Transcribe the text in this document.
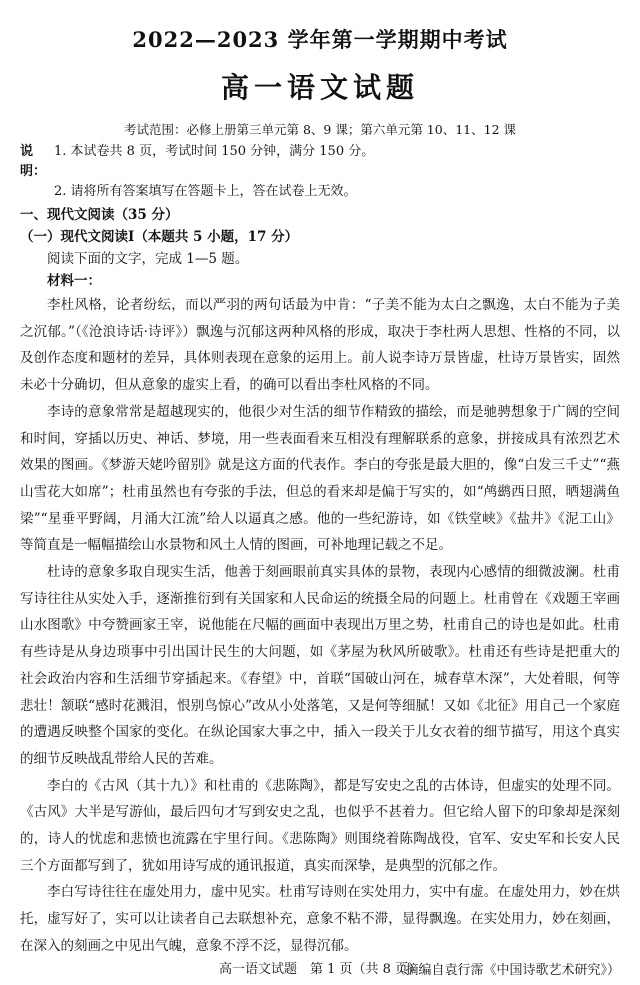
2022—2023 学年第一学期期中考试
高一语文试题
考试范围：必修上册第三单元第 8、9 课；第六单元第 10、11、12 课
说明：
1. 本试卷共 8 页，考试时间 150 分钟，满分 150 分。
2. 请将所有答案填写在答题卡上，答在试卷上无效。
一、现代文阅读（35 分）
（一）现代文阅读Ⅰ（本题共 5 小题，17 分）
阅读下面的文字，完成 1—5 题。
材料一：

李杜风格，论者纷纭，而以严羽的两句话最为中肯：“子美不能为太白之飘逸，太白不能为子美之沉郁。”（《沧浪诗话·诗评》）飘逸与沉郁这两种风格的形成，取决于李杜两人思想、性格的不同，以及创作态度和题材的差异，具体则表现在意象的运用上。前人说李诗万景皆虚，杜诗万景皆实，固然未必十分确切，但从意象的虚实上看，的确可以看出李杜风格的不同。

李诗的意象常常是超越现实的，他很少对生活的细节作精致的描绘，而是驰骋想象于广阔的空间和时间，穿插以历史、神话、梦境，用一些表面看来互相没有理解联系的意象，拼接成具有浓烈艺术效果的图画。《梦游天姥吟留别》就是这方面的代表作。李白的夸张是最大胆的，像“白发三千丈”“燕山雪花大如席”；杜甫虽然也有夸张的手法，但总的看来却是偏于写实的，如“鸬鹚西日照，晒翅满鱼梁”“星垂平野阔，月涌大江流”给人以逼真之感。他的一些纪游诗，如《铁堂峡》《盐井》《泥工山》等简直是一幅幅描绘山水景物和风土人情的图画，可补地理记载之不足。

杜诗的意象多取自现实生活，他善于刻画眼前真实具体的景物，表现内心感情的细微波澜。杜甫写诗往往从实处入手，逐渐推衍到有关国家和人民命运的统摄全局的问题上。杜甫曾在《戏题王宰画山水图歌》中夸赞画家王宰，说他能在尺幅的画面中表现出万里之势，杜甫自己的诗也是如此。杜甫有些诗是从身边琐事中引出国计民生的大问题，如《茅屋为秋风所破歌》。杜甫还有些诗是把重大的社会政治内容和生活细节穿插起来。《春望》中，首联“国破山河在，城春草木深”，大处着眼，何等悲壮！颔联“感时花溅泪，恨别鸟惊心”改从小处落笔，又是何等细腻！又如《北征》用自己一个家庭的遭遇反映整个国家的变化。在纵论国家大事之中，插入一段关于儿女衣着的细节描写，用这个真实的细节反映战乱带给人民的苦难。

李白的《古风（其十九）》和杜甫的《悲陈陶》，都是写安史之乱的古体诗，但虚实的处理不同。《古风》大半是写游仙，最后四句才写到安史之乱，也似乎不甚着力。但它给人留下的印象却是深刻的，诗人的忧虑和悲愤也流露在宇里行间。《悲陈陶》则围绕着陈陶战役，官军、安史军和长安人民三个方面都写到了，犹如用诗写成的通讯报道，真实而深挚，是典型的沉郁之作。

李白写诗往往在虚处用力，虚中见实。杜甫写诗则在实处用力，实中有虚。在虚处用力，妙在烘托，虚写好了，实可以让读者自己去联想补充，意象不粘不滞，显得飘逸。在实处用力，妙在刻画，在深入的刻画之中见出气魄，意象不浮不泛，显得沉郁。

（摘编自袁行霈《中国诗歌艺术研究》）
高一语文试题　第 1 页（共 8 页）
